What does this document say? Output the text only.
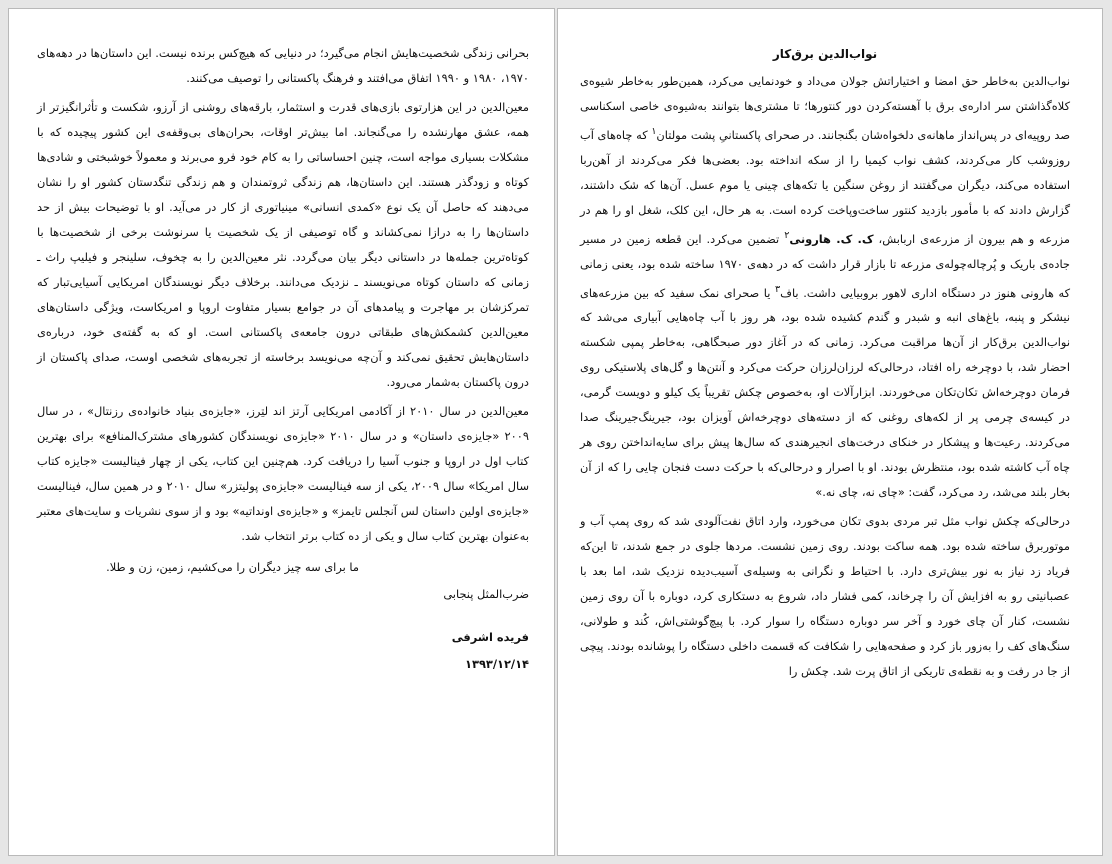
بحرانی زندگی شخصیت‌هایش انجام می‌گیرد؛ در دنیایی که هیچ‌کس برنده نیست. این داستان‌ها در دهه‌های ۱۹۷۰، ۱۹۸۰ و ۱۹۹۰ اتفاق می‌افتند و فرهنگ پاکستانی را توصیف می‌کنند.

معین‌الدین در این هزارتوی بازی‌های قدرت و استثمار، بارقه‌های روشنی از آرزو، شکست و تأثرانگیزتر از همه، عشق مهارنشده را می‌گنجاند. اما بیش‌تر اوقات، بحران‌های بی‌وقفه‌ی این کشور پیچیده که با مشکلات بسیاری مواجه است، چنین احساساتی را به کام خود فرو می‌برند و معمولاً خوشبختی و شادی‌ها کوتاه و زودگذر هستند. این داستان‌ها، هم زندگی ثروتمندان و هم زندگی تنگدستان کشور او را نشان می‌دهند که حاصل آن یک نوع «کمدی انسانی» مینیاتوری از کار در می‌آید. او با توضیحات بیش از حد داستان‌ها را به درازا نمی‌کشاند و گاه توصیفی از یک شخصیت یا سرنوشت برخی از شخصیت‌ها با کوتاه‌ترین جمله‌ها در داستانی دیگر بیان می‌گردد. نثر معین‌الدین را به چخوف، سلینجر و فیلیپ راث ـ زمانی که داستان کوتاه می‌نویسند ـ نزدیک می‌دانند. برخلاف دیگر نویسندگان امریکایی آسیایی‌تبار که تمرکزشان بر مهاجرت و پیامدهای آن در جوامع بسیار متفاوت اروپا و امریکاست، ویژگی داستان‌های معین‌الدین کشمکش‌های طبقاتی درون جامعه‌ی پاکستانی است. او که به گفته‌ی خود، درباره‌ی داستان‌هایش تحقیق نمی‌کند و آن‌چه می‌نویسد برخاسته از تجربه‌های شخصی اوست، صدای پاکستان از درون پاکستان به‌شمار می‌رود.

معین‌الدین در سال ۲۰۱۰ از آکادمی امریکایی آرتز اند لتِرز، «جایزه‌ی بنیاد خانواده‌ی رزنتال» ، در سال ۲۰۰۹ «جایزه‌ی داستان» و در سال ۲۰۱۰ «جایزه‌ی نویسندگان کشورهای مشترک‌المنافع» برای بهترین کتاب اول در اروپا و جنوب آسیا را دریافت کرد. هم‌چنین این کتاب، یکی از چهار فینالیست «جایزه کتاب سال امریکا» سال ۲۰۰۹، یکی از سه فینالیست «جایزه‌ی پولیتزر» سال ۲۰۱۰ و در همین سال، فینالیست «جایزه‌ی اولین داستان لس آنجلس تایمز» و «جایزه‌ی اونداتیه» بود و از سوی نشریات و سایت‌های معتبر به‌عنوان بهترین کتاب سال و یکی از ده کتاب برتر انتخاب شد.

ما برای سه چیز دیگران را می‌کشیم، زمین، زن و طلا.

ضرب‌المثل پنجابی

فریده اشرفی

۱۳۹۳/۱۲/۱۴

نواب‌الدین برق‌کار

نواب‌الدین به‌خاطر حق امضا و اختیاراتش جولان می‌داد و خودنمایی می‌کرد، همین‌طور به‌خاطر شیوه‌ی کلاه‌گذاشتن سر اداره‌ی برق با آهسته‌کردن دور کنتورها؛ تا مشتری‌ها بتوانند به‌شیوه‌ی خاصی اسکناسی صد روپیه‌ای در پس‌انداز ماهانه‌ی دلخواه‌شان بگنجانند. در صحرای پاکستانیِ پشت مولتان$^۱$ که چاه‌های آب روزوشب کار می‌کردند، کشف نواب کیمیا را از سکه انداخته بود. بعضی‌ها فکر می‌کردند از آهن‌ربا استفاده می‌کند، دیگران می‌گفتند از روغن سنگین یا تکه‌های چینی یا موم عسل. آن‌ها که شک داشتند، گزارش دادند که با مأمور بازدید کنتور ساخت‌وپاخت کرده است. به هر حال، این کلک، شغل او را هم در مزرعه و هم بیرون از مزرعه‌ی اربابش، ک. ک. هارونی$^۲$ تضمین می‌کرد. این قطعه زمین در مسیر جاده‌ی باریک و پُرچاله‌چوله‌ی مزرعه تا بازار قرار داشت که در دهه‌ی ۱۹۷۰ ساخته شده بود، یعنی زمانی که هارونی هنوز در دستگاه اداری لاهور بروبیایی داشت. باف$^۳$ یا صحرای نمک سفید که بین مزرعه‌های نیشکر و پنبه، باغ‌های انبه و شبدر و گندم کشیده شده بود، هر روز با آب چاه‌هایی آبیاری می‌شد که نواب‌الدین برق‌کار از آن‌ها مراقبت می‌کرد. زمانی که در آغاز دور صبحگاهی، به‌خاطر پمپی شکسته احضار شد، با دوچرخه راه افتاد، درحالی‌که لرزان‌لرزان حرکت می‌کرد و آنتن‌ها و گل‌های پلاستیکی روی فرمان دوچرخه‌اش تکان‌تکان می‌خوردند. ابزارآلات او، به‌خصوص چکش تقریباً یک کیلو و دویست گرمی، در کیسه‌ی چرمی پر از لکه‌های روغنی که از دسته‌های دوچرخه‌اش آویزان بود، جیرینگ‌جیرینگ صدا می‌کردند. رعیت‌ها و پیشکار در خنکای درخت‌های انجیرهندی که سال‌ها پیش برای سایه‌انداختن روی هر چاه آب کاشته شده بود، منتظرش بودند. او با اصرار و درحالی‌که با حرکت دست فنجان چایی را که از آن بخار بلند می‌شد، رد می‌کرد، گفت: «چای نه، چای نه.»

درحالی‌که چکش نواب مثل تبر مردی بدوی تکان می‌خورد، وارد اتاق نفت‌آلودی شد که روی پمپ آب و موتوربرق ساخته شده بود. همه ساکت بودند. روی زمین نشست. مردها جلوی در جمع شدند، تا این‌که فریاد زد نیاز به نور بیش‌تری دارد. با احتیاط و نگرانی به وسیله‌ی آسیب‌دیده نزدیک شد، اما بعد با عصبانیتی رو به افزایش آن را چرخاند، کمی فشار داد، شروع به دستکاری کرد، دوباره با آن روی زمین نشست، کنار آن چای خورد و آخر سر دوباره دستگاه را سوار کرد. با پیچ‌گوشتی‌اش، کُند و طولانی، سنگ‌های کف را به‌زور باز کرد و صفحه‌هایی را شکافت که قسمت داخلی دستگاه را پوشانده بودند. پیچی از جا در رفت و به نقطه‌ی تاریکی از اتاق پرت شد. چکش را
